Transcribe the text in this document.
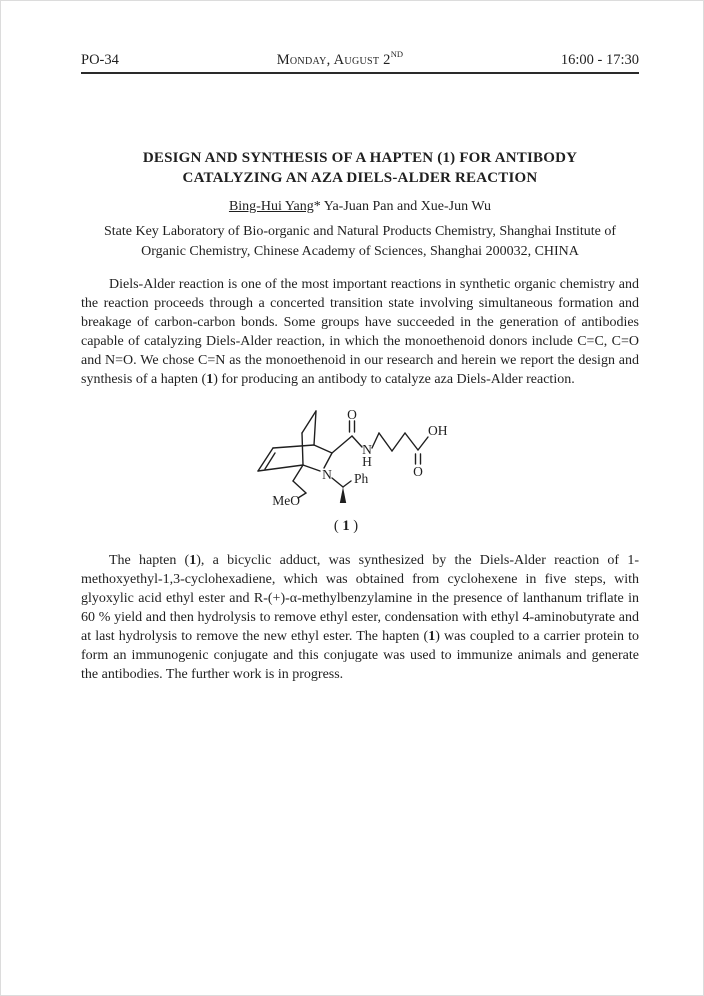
PO-34	Monday, August 2ND	16:00 - 17:30
DESIGN AND SYNTHESIS OF A HAPTEN (1) FOR ANTIBODY
CATALYZING AN AZA DIELS-ALDER REACTION
Bing-Hui Yang* Ya-Juan Pan and Xue-Jun Wu
State Key Laboratory of Bio-organic and Natural Products Chemistry, Shanghai Institute of
Organic Chemistry, Chinese Academy of Sciences, Shanghai 200032, CHINA
Diels-Alder reaction is one of the most important reactions in synthetic organic chemistry and the reaction proceeds through a concerted transition state involving simultaneous formation and breakage of carbon-carbon bonds. Some groups have succeeded in the generation of antibodies capable of catalyzing Diels-Alder reaction, in which the monoethenoid donors include C=C, C=O and N=O. We chose C=N as the monoethenoid in our research and herein we report the design and synthesis of a hapten (1) for producing an antibody to catalyze aza Diels-Alder reaction.
O
N
H
OH
O
N Ph
MeO
( 1 )
The hapten (1), a bicyclic adduct, was synthesized by the Diels-Alder reaction of 1-methoxyethyl-1,3-cyclohexadiene, which was obtained from cyclohexene in five steps, with glyoxylic acid ethyl ester and R-(+)-α-methylbenzylamine in the presence of lanthanum triflate in 60 % yield and then hydrolysis to remove ethyl ester, condensation with ethyl 4-aminobutyrate and at last hydrolysis to remove the new ethyl ester. The hapten (1) was coupled to a carrier protein to form an immunogenic conjugate and this conjugate was used to immunize animals and generate the antibodies. The further work is in progress.
